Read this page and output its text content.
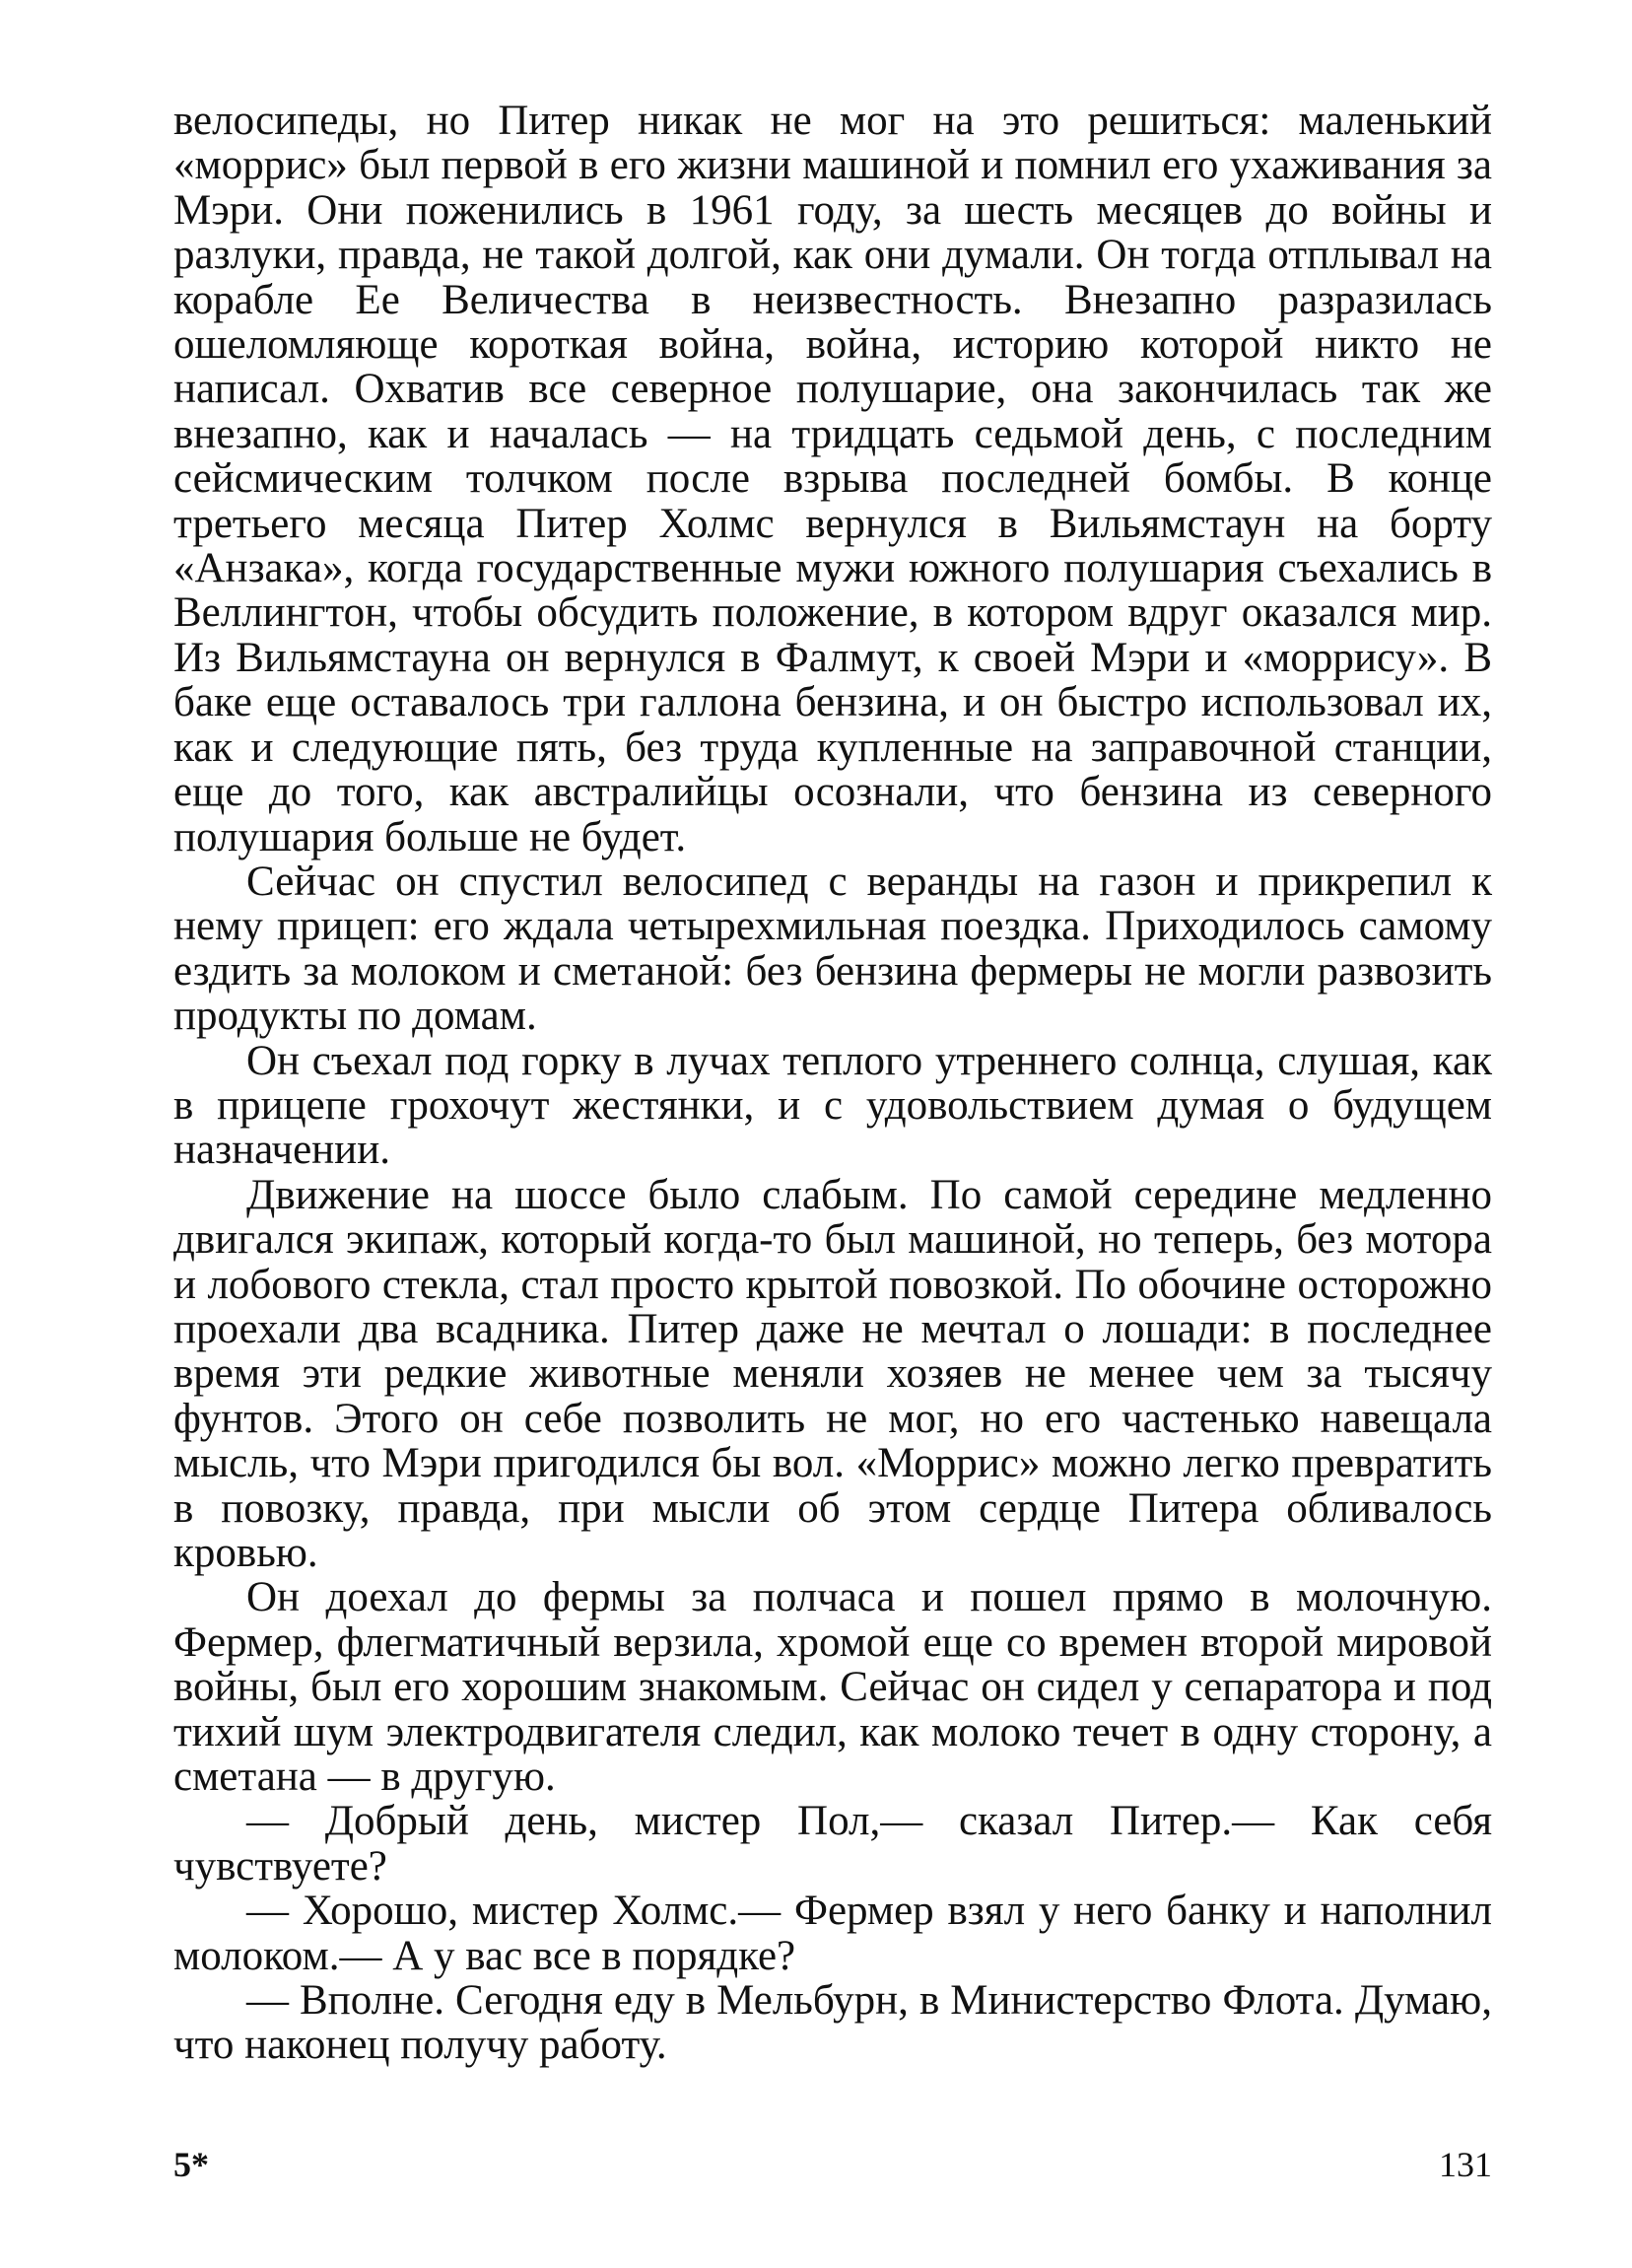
велосипеды, но Питер никак не мог на это решиться: маленький «моррис» был первой в его жизни машиной и помнил его ухаживания за Мэри. Они поженились в 1961 году, за шесть месяцев до войны и разлуки, правда, не такой долгой, как они думали. Он тогда отплывал на корабле Ее Величества в неизвестность. Внезапно разразилась ошеломляюще короткая война, война, историю которой никто не написал. Охватив все северное полушарие, она закончилась так же внезапно, как и началась — на тридцать седьмой день, с последним сейсмическим толчком после взрыва последней бомбы. В конце третьего месяца Питер Холмс вернулся в Вильямстаун на борту «Анзака», когда государственные мужи южного полушария съехались в Веллингтон, чтобы обсудить положение, в котором вдруг оказался мир. Из Вильямстауна он вернулся в Фалмут, к своей Мэри и «моррису». В баке еще оставалось три галлона бензина, и он быстро использовал их, как и следующие пять, без труда купленные на заправочной станции, еще до того, как австралийцы осознали, что бензина из северного полушария больше не будет.

Сейчас он спустил велосипед с веранды на газон и прикрепил к нему прицеп: его ждала четырехмильная поездка. Приходилось самому ездить за молоком и сметаной: без бензина фермеры не могли развозить продукты по домам.

Он съехал под горку в лучах теплого утреннего солнца, слушая, как в прицепе грохочут жестянки, и с удовольствием думая о будущем назначении.

Движение на шоссе было слабым. По самой середине медленно двигался экипаж, который когда-то был машиной, но теперь, без мотора и лобового стекла, стал просто крытой повозкой. По обочине осторожно проехали два всадника. Питер даже не мечтал о лошади: в последнее время эти редкие животные меняли хозяев не менее чем за тысячу фунтов. Этого он себе позволить не мог, но его частенько навещала мысль, что Мэри пригодился бы вол. «Моррис» можно легко превратить в повозку, правда, при мысли об этом сердце Питера обливалось кровью.

Он доехал до фермы за полчаса и пошел прямо в молочную. Фермер, флегматичный верзила, хромой еще со времен второй мировой войны, был его хорошим знакомым. Сейчас он сидел у сепаратора и под тихий шум электродвигателя следил, как молоко течет в одну сторону, а сметана — в другую.

— Добрый день, мистер Пол,— сказал Питер.— Как себя чувствуете?

— Хорошо, мистер Холмс.— Фермер взял у него банку и наполнил молоком.— А у вас все в порядке?

— Вполне. Сегодня еду в Мельбурн, в Министерство Флота. Думаю, что наконец получу работу.

5*	131
